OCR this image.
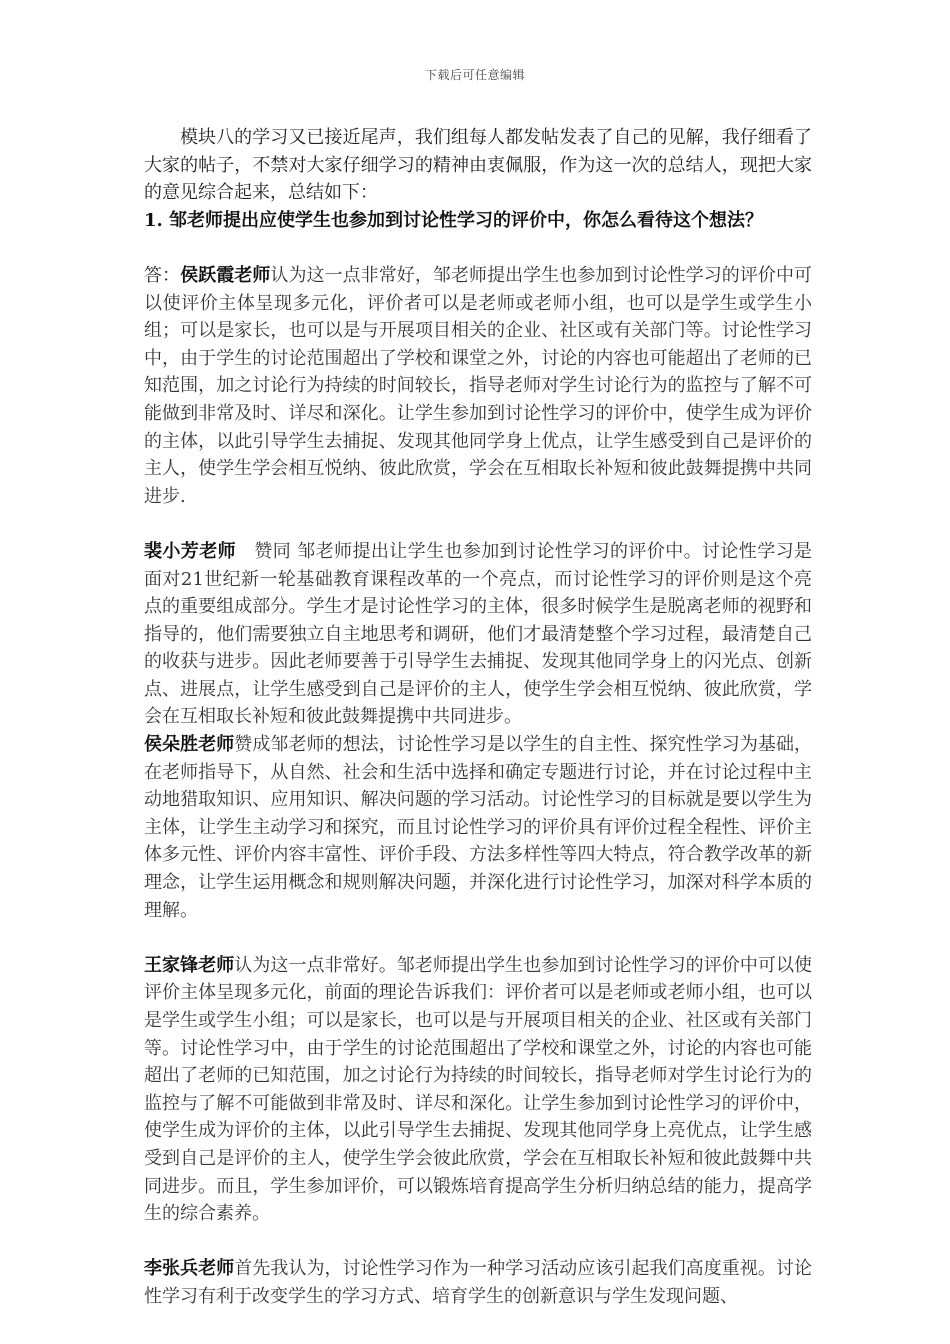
下载后可任意编辑

模块八的学习又已接近尾声，我们组每人都发帖发表了自己的见解，我仔细看了大家的帖子，不禁对大家仔细学习的精神由衷佩服，作为这一次的总结人，现把大家的意见综合起来，总结如下：

1. 邹老师提出应使学生也参加到讨论性学习的评价中，你怎么看待这个想法？

答：侯跃霞老师认为这一点非常好，邹老师提出学生也参加到讨论性学习的评价中可以使评价主体呈现多元化，评价者可以是老师或老师小组，也可以是学生或学生小组；可以是家长，也可以是与开展项目相关的企业、社区或有关部门等。讨论性学习中，由于学生的讨论范围超出了学校和课堂之外，讨论的内容也可能超出了老师的已知范围，加之讨论行为持续的时间较长，指导老师对学生讨论行为的监控与了解不可能做到非常及时、详尽和深化。让学生参加到讨论性学习的评价中，使学生成为评价的主体，以此引导学生去捕捉、发现其他同学身上优点，让学生感受到自己是评价的主人，使学生学会相互悦纳、彼此欣赏，学会在互相取长补短和彼此鼓舞提携中共同进步.

裴小芳老师　赞同 邹老师提出让学生也参加到讨论性学习的评价中。讨论性学习是面对21世纪新一轮基础教育课程改革的一个亮点，而讨论性学习的评价则是这个亮点的重要组成部分。学生才是讨论性学习的主体，很多时候学生是脱离老师的视野和指导的，他们需要独立自主地思考和调研，他们才最清楚整个学习过程，最清楚自己的收获与进步。因此老师要善于引导学生去捕捉、发现其他同学身上的闪光点、创新点、进展点，让学生感受到自己是评价的主人，使学生学会相互悦纳、彼此欣赏，学会在互相取长补短和彼此鼓舞提携中共同进步。

侯朵胜老师赞成邹老师的想法，讨论性学习是以学生的自主性、探究性学习为基础，在老师指导下，从自然、社会和生活中选择和确定专题进行讨论，并在讨论过程中主动地猎取知识、应用知识、解决问题的学习活动。讨论性学习的目标就是要以学生为主体，让学生主动学习和探究，而且讨论性学习的评价具有评价过程全程性、评价主体多元性、评价内容丰富性、评价手段、方法多样性等四大特点，符合教学改革的新理念，让学生运用概念和规则解决问题，并深化进行讨论性学习，加深对科学本质的理解。

王家锋老师认为这一点非常好。邹老师提出学生也参加到讨论性学习的评价中可以使评价主体呈现多元化，前面的理论告诉我们：评价者可以是老师或老师小组，也可以是学生或学生小组；可以是家长，也可以是与开展项目相关的企业、社区或有关部门等。讨论性学习中，由于学生的讨论范围超出了学校和课堂之外，讨论的内容也可能超出了老师的已知范围，加之讨论行为持续的时间较长，指导老师对学生讨论行为的监控与了解不可能做到非常及时、详尽和深化。让学生参加到讨论性学习的评价中，使学生成为评价的主体，以此引导学生去捕捉、发现其他同学身上亮优点，让学生感受到自己是评价的主人，使学生学会彼此欣赏，学会在互相取长补短和彼此鼓舞中共同进步。而且，学生参加评价，可以锻炼培育提高学生分析归纳总结的能力，提高学生的综合素养。

李张兵老师首先我认为，讨论性学习作为一种学习活动应该引起我们高度重视。讨论性学习有利于改变学生的学习方式、培育学生的创新意识与学生发现问题、
